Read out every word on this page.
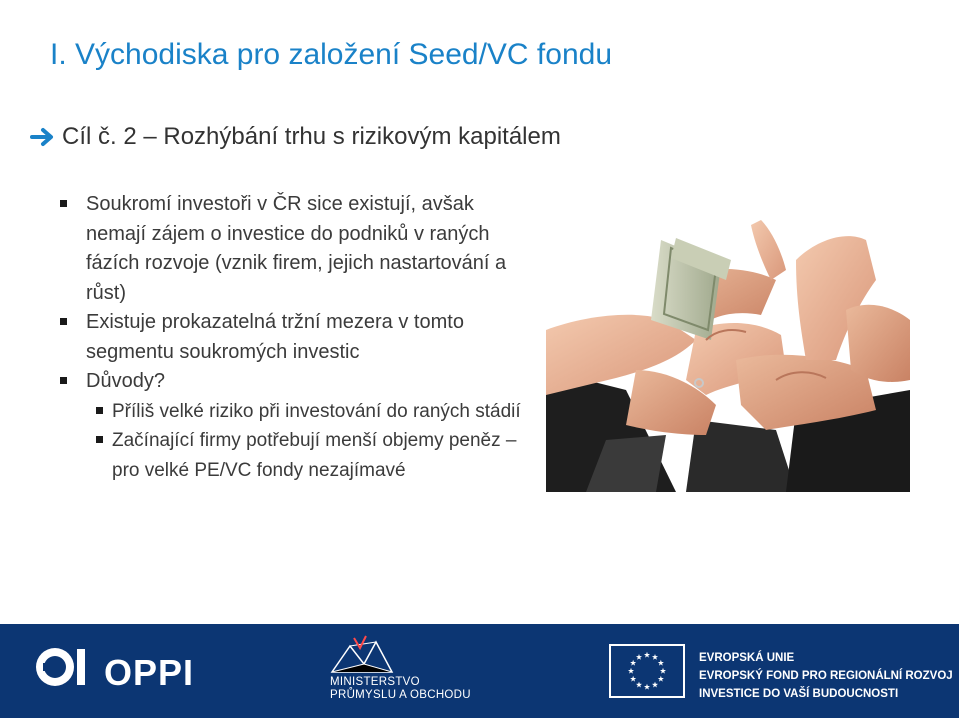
I. Východiska pro založení Seed/VC fondu
Cíl č. 2 – Rozhýbání trhu s rizikovým kapitálem
Soukromí investoři v ČR sice existují, avšak nemají zájem o investice do podniků v raných fázích rozvoje (vznik firem, jejich nastartování a růst)
Existuje prokazatelná tržní mezera v tomto segmentu soukromých investic
Důvody?
Příliš velké riziko při investování do raných stádií
Začínající firmy potřebují menší objemy peněz – pro velké PE/VC fondy nezajímavé
OPPI	MINISTERSTVO
PRŮMYSLU A OBCHODU
EVROPSKÁ UNIE
EVROPSKÝ FOND PRO REGIONÁLNÍ ROZVOJ
INVESTICE DO VAŠÍ BUDOUCNOSTI
